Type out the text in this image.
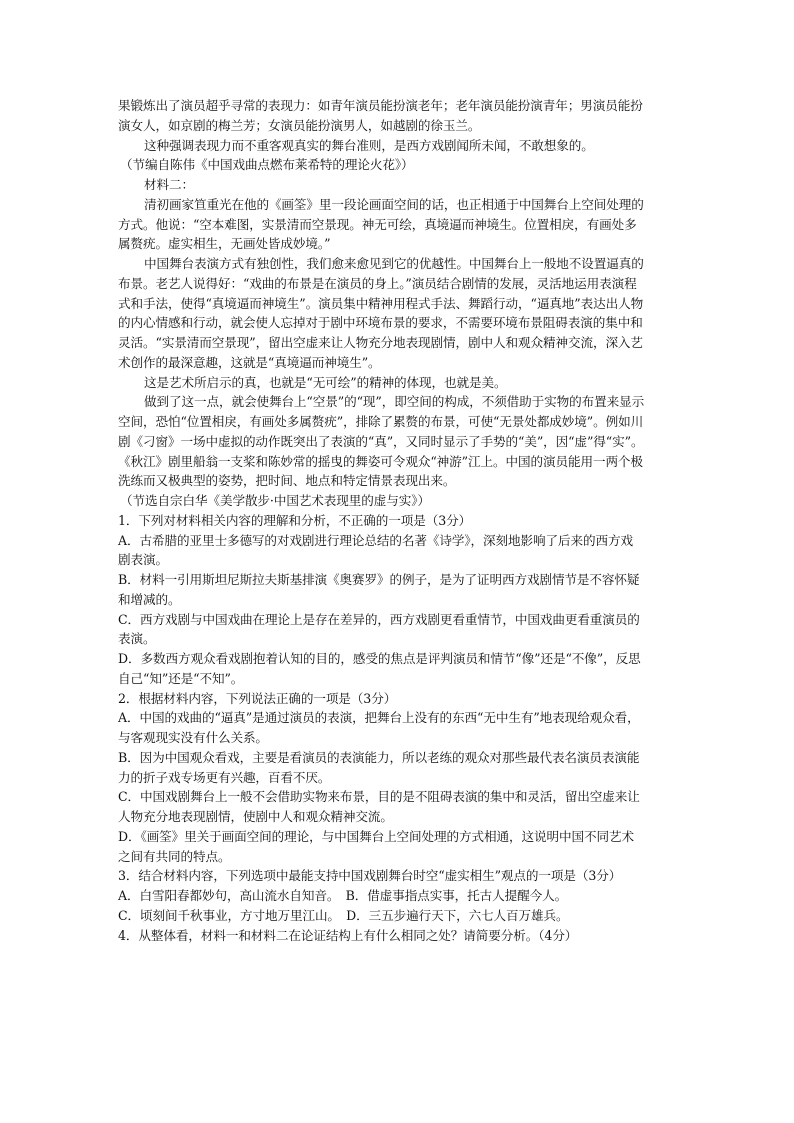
果锻炼出了演员超乎寻常的表现力：如青年演员能扮演老年；老年演员能扮演青年；男演员能扮
演女人，如京剧的梅兰芳；女演员能扮演男人，如越剧的徐玉兰。
这种强调表现力而不重客观真实的舞台准则，是西方戏剧闻所未闻，不敢想象的。
（节编自陈伟《中国戏曲点燃布莱希特的理论火花》）
材料二：
清初画家笪重光在他的《画筌》里一段论画面空间的话，也正相通于中国舞台上空间处理的
方式。他说：“空本难图，实景清而空景现。神无可绘，真境逼而神境生。位置相戾，有画处多
属赘疣。虚实相生，无画处皆成妙境。”
中国舞台表演方式有独创性，我们愈来愈见到它的优越性。中国舞台上一般地不设置逼真的
布景。老艺人说得好：“戏曲的布景是在演员的身上。”演员结合剧情的发展，灵活地运用表演程
式和手法，使得“真境逼而神境生”。演员集中精神用程式手法、舞蹈行动，“逼真地”表达出人物
的内心情感和行动，就会使人忘掉对于剧中环境布景的要求，不需要环境布景阻碍表演的集中和
灵活。“实景清而空景现”，留出空虚来让人物充分地表现剧情，剧中人和观众精神交流，深入艺
术创作的最深意趣，这就是“真境逼而神境生”。
这是艺术所启示的真，也就是“无可绘”的精神的体现，也就是美。
做到了这一点，就会使舞台上“空景”的“现”，即空间的构成，不须借助于实物的布置来显示
空间，恐怕“位置相戾，有画处多属赘疣”，排除了累赘的布景，可使“无景处都成妙境”。例如川
剧《刁窗》一场中虚拟的动作既突出了表演的“真”，又同时显示了手势的“美”，因“虚”得“实”。
《秋江》剧里船翁一支桨和陈妙常的摇曳的舞姿可令观众“神游”江上。中国的演员能用一两个极
洗练而又极典型的姿势，把时间、地点和特定情景表现出来。
（节选自宗白华《美学散步·中国艺术表现里的虚与实》）
1．下列对材料相关内容的理解和分析，不正确的一项是（3分）
A．古希腊的亚里士多德写的对戏剧进行理论总结的名著《诗学》，深刻地影响了后来的西方戏
剧表演。
B．材料一引用斯坦尼斯拉夫斯基排演《奥赛罗》的例子，是为了证明西方戏剧情节是不容怀疑
和增减的。
C．西方戏剧与中国戏曲在理论上是存在差异的，西方戏剧更看重情节，中国戏曲更看重演员的
表演。
D．多数西方观众看戏剧抱着认知的目的，感受的焦点是评判演员和情节“像”还是“不像”，反思
自己“知”还是“不知”。
2．根据材料内容，下列说法正确的一项是（3分）
A．中国的戏曲的“逼真”是通过演员的表演，把舞台上没有的东西“无中生有”地表现给观众看，
与客观现实没有什么关系。
B．因为中国观众看戏，主要是看演员的表演能力，所以老练的观众对那些最代表名演员表演能
力的折子戏专场更有兴趣，百看不厌。
C．中国戏剧舞台上一般不会借助实物来布景，目的是不阻碍表演的集中和灵活，留出空虚来让
人物充分地表现剧情，使剧中人和观众精神交流。
D．《画筌》里关于画面空间的理论，与中国舞台上空间处理的方式相通，这说明中国不同艺术
之间有共同的特点。
3．结合材料内容，下列选项中最能支持中国戏剧舞台时空“虚实相生”观点的一项是（3分）
A．白雪阳春都妙句，高山流水自知音。　B．借虚事指点实事，托古人提醒今人。
C．顷刻间千秋事业，方寸地万里江山。　D．三五步遍行天下，六七人百万雄兵。
4．从整体看，材料一和材料二在论证结构上有什么相同之处？请简要分析。（4分）
